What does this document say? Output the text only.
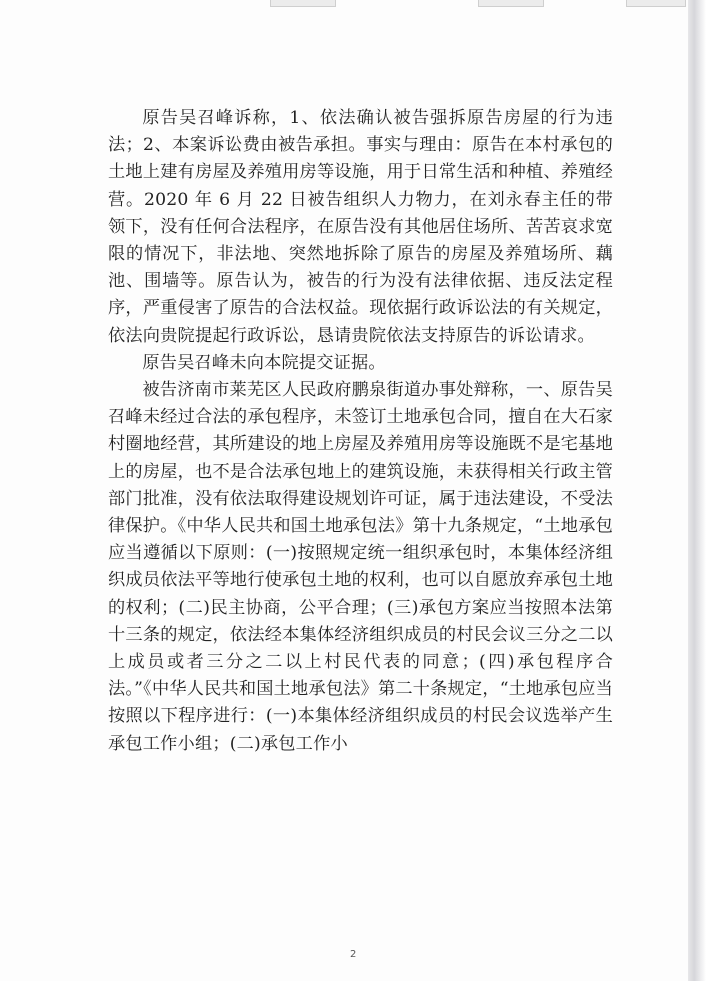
原告吴召峰诉称，1、依法确认被告强拆原告房屋的行为违法；2、本案诉讼费由被告承担。事实与理由：原告在本村承包的土地上建有房屋及养殖用房等设施，用于日常生活和种植、养殖经营。2020 年 6 月 22 日被告组织人力物力，在刘永春主任的带领下，没有任何合法程序，在原告没有其他居住场所、苦苦哀求宽限的情况下，非法地、突然地拆除了原告的房屋及养殖场所、藕池、围墙等。原告认为，被告的行为没有法律依据、违反法定程序，严重侵害了原告的合法权益。现依据行政诉讼法的有关规定，依法向贵院提起行政诉讼，恳请贵院依法支持原告的诉讼请求。

原告吴召峰未向本院提交证据。

被告济南市莱芜区人民政府鹏泉街道办事处辩称，一、原告吴召峰未经过合法的承包程序，未签订土地承包合同，擅自在大石家村圈地经营，其所建设的地上房屋及养殖用房等设施既不是宅基地上的房屋，也不是合法承包地上的建筑设施，未获得相关行政主管部门批准，没有依法取得建设规划许可证，属于违法建设，不受法律保护。《中华人民共和国土地承包法》第十九条规定，“土地承包应当遵循以下原则：(一)按照规定统一组织承包时，本集体经济组织成员依法平等地行使承包土地的权利，也可以自愿放弃承包土地的权利；(二)民主协商，公平合理；(三)承包方案应当按照本法第十三条的规定，依法经本集体经济组织成员的村民会议三分之二以上成员或者三分之二以上村民代表的同意；(四)承包程序合法。”《中华人民共和国土地承包法》第二十条规定，“土地承包应当按照以下程序进行：(一)本集体经济组织成员的村民会议选举产生承包工作小组；(二)承包工作小

2
